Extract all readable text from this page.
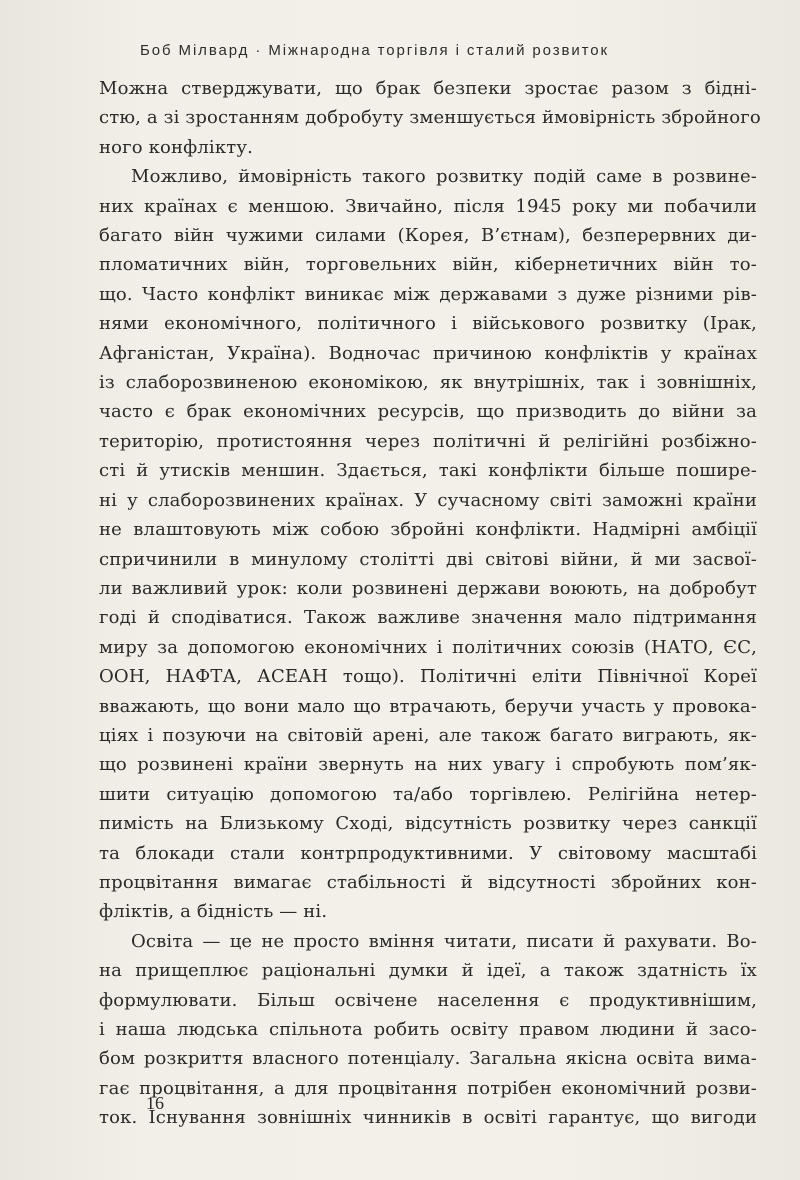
Боб Мілвард · Міжнародна торгівля і сталий розвиток
Можна стверджувати, що брак безпеки зростає разом з бідні-
стю, а зі зростанням добробуту зменшується ймовірність збройного
ного конфлікту.
Можливо, ймовірність такого розвитку подій саме в розвине-
них країнах є меншою. Звичайно, після 1945 року ми побачили
багато війн чужими силами (Корея, В’єтнам), безперервних ди-
пломатичних війн, торговельних війн, кібернетичних війн то-
що. Часто конфлікт виникає між державами з дуже різними рів-
нями економічного, політичного і військового розвитку (Ірак,
Афганістан, Україна). Водночас причиною конфліктів у країнах
із слаборозвиненою економікою, як внутрішніх, так і зовнішніх,
часто є брак економічних ресурсів, що призводить до війни за
територію, протистояння через політичні й релігійні розбіжно-
сті й утисків меншин. Здається, такі конфлікти більше пошире-
ні у слаборозвинених країнах. У сучасному світі заможні країни
не влаштовують між собою збройні конфлікти. Надмірні амбіції
спричинили в минулому столітті дві світові війни, й ми засвої-
ли важливий урок: коли розвинені держави воюють, на добробут
годі й сподіватися. Також важливе значення мало підтримання
миру за допомогою економічних і політичних союзів (НАТО, ЄС,
ООН, НАФТА, АСЕАН тощо). Політичні еліти Північної Кореї
вважають, що вони мало що втрачають, беручи участь у провока-
ціях і позуючи на світовій арені, але також багато виграють, як-
що розвинені країни звернуть на них увагу і спробують пом’як-
шити ситуацію допомогою та/або торгівлею. Релігійна нетер-
пимість на Близькому Сході, відсутність розвитку через санкції
та блокади стали контрпродуктивними. У світовому масштабі
процвітання вимагає стабільності й відсутності збройних кон-
фліктів, а бідність — ні.
Освіта — це не просто вміння читати, писати й рахувати. Во-
на прищеплює раціональні думки й ідеї, а також здатність їх
формулювати. Більш освічене населення є продуктивнішим,
і наша людська спільнота робить освіту правом людини й засо-
бом розкриття власного потенціалу. Загальна якісна освіта вима-
гає процвітання, а для процвітання потрібен економічний розви-
ток. Існування зовнішніх чинників в освіті гарантує, що вигоди
16
